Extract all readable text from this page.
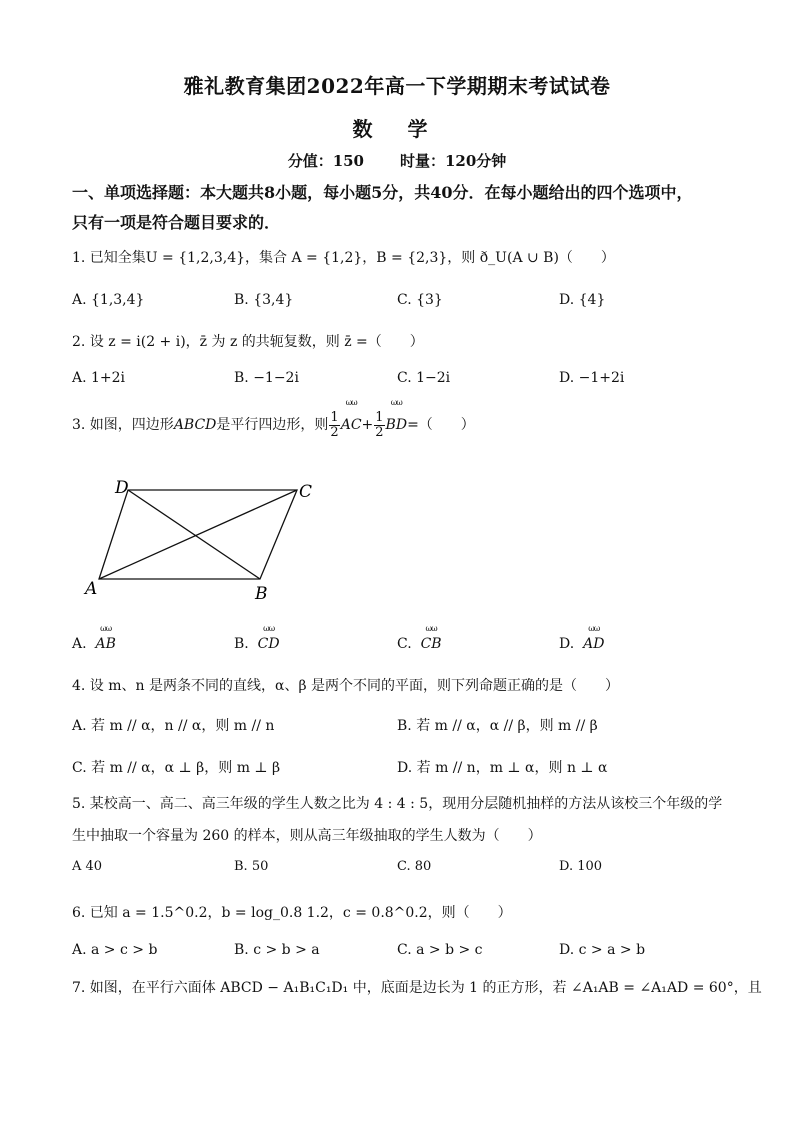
雅礼教育集团2022年高一下学期期末考试试卷
数 学
分值：150 时量：120分钟
一、单项选择题：本大题共8小题，每小题5分，共40分．在每小题给出的四个选项中，
只有一项是符合题目要求的．
1. 已知全集U = {1,2,3,4}，集合 A = {1,2}，B = {2,3}，则 ð_U(A ∪ B)（　　）
A. {1,3,4}	B. {3,4}	C. {3}	D. {4}
2. 设 z = i(2 + i)，z̄ 为 z 的共轭复数，则 z̄ =（　　）
A. 1+2i	B. −1−2i	C. 1−2i	D. −1+2i
3. 如图，四边形ABCD是平行四边形，则 $\frac{1}{2}$
ωω
$AC+ \frac{1}{2}$
ωω
BD=（　　）
A	B
C
D
A.
ωω
AB	B.
ωω
CD	C.
ωω
CB	D.
ωω
AD
4. 设 m、n 是两条不同的直线，α、β 是两个不同的平面，则下列命题正确的是（　　）
A. 若 m // α，n // α，则 m // n	B. 若 m // α，α // β，则 m // β
C. 若 m // α，α ⊥ β，则 m ⊥ β	D. 若 m // n，m ⊥ α，则 n ⊥ α
5. 某校高一、高二、高三年级的学生人数之比为 4 : 4 : 5，现用分层随机抽样的方法从该校三个年级的学
生中抽取一个容量为 260 的样本，则从高三年级抽取的学生人数为（　　）
A 40	B. 50	C. 80	D. 100
6. 已知 a = 1.5^0.2，b = log_0.8 1.2，c = 0.8^0.2，则（　　）
A. a > c > b	B. c > b > a	C. a > b > c	D. c > a > b
7. 如图，在平行六面体 ABCD − A₁B₁C₁D₁ 中，底面是边长为 1 的正方形，若 ∠A₁AB = ∠A₁AD = 60°，且
